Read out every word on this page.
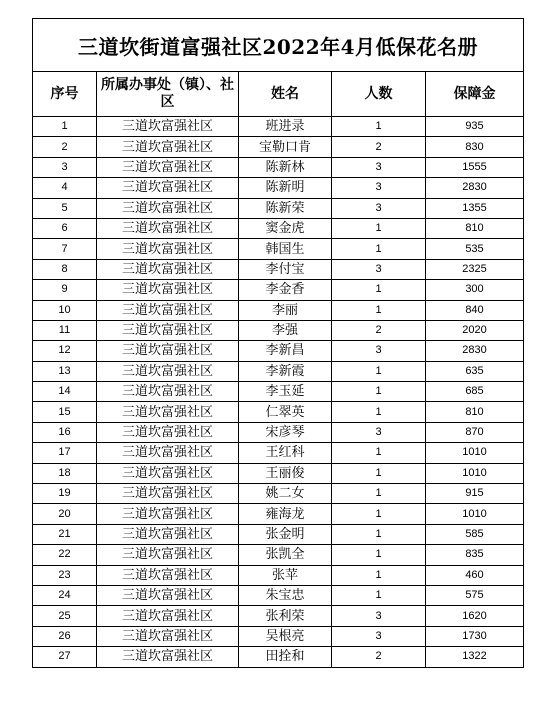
三道坎街道富强社区2022年4月低保花名册				
序号	所属办事处（镇）、社区	姓名	人数	保障金
1	三道坎富强社区	班进录	1	935
2	三道坎富强社区	宝勒口肯	2	830
3	三道坎富强社区	陈新林	3	1555
4	三道坎富强社区	陈新明	3	2830
5	三道坎富强社区	陈新荣	3	1355
6	三道坎富强社区	窦金虎	1	810
7	三道坎富强社区	韩国生	1	535
8	三道坎富强社区	李付宝	3	2325
9	三道坎富强社区	李金香	1	300
10	三道坎富强社区	李丽	1	840
11	三道坎富强社区	李强	2	2020
12	三道坎富强社区	李新昌	3	2830
13	三道坎富强社区	李新霞	1	635
14	三道坎富强社区	李玉延	1	685
15	三道坎富强社区	仁翠英	1	810
16	三道坎富强社区	宋彦琴	3	870
17	三道坎富强社区	王红科	1	1010
18	三道坎富强社区	王丽俊	1	1010
19	三道坎富强社区	姚二女	1	915
20	三道坎富强社区	雍海龙	1	1010
21	三道坎富强社区	张金明	1	585
22	三道坎富强社区	张凯全	1	835
23	三道坎富强社区	张苹	1	460
24	三道坎富强社区	朱宝忠	1	575
25	三道坎富强社区	张利荣	3	1620
26	三道坎富强社区	吴根亮	3	1730
27	三道坎富强社区	田拴和	2	1322
